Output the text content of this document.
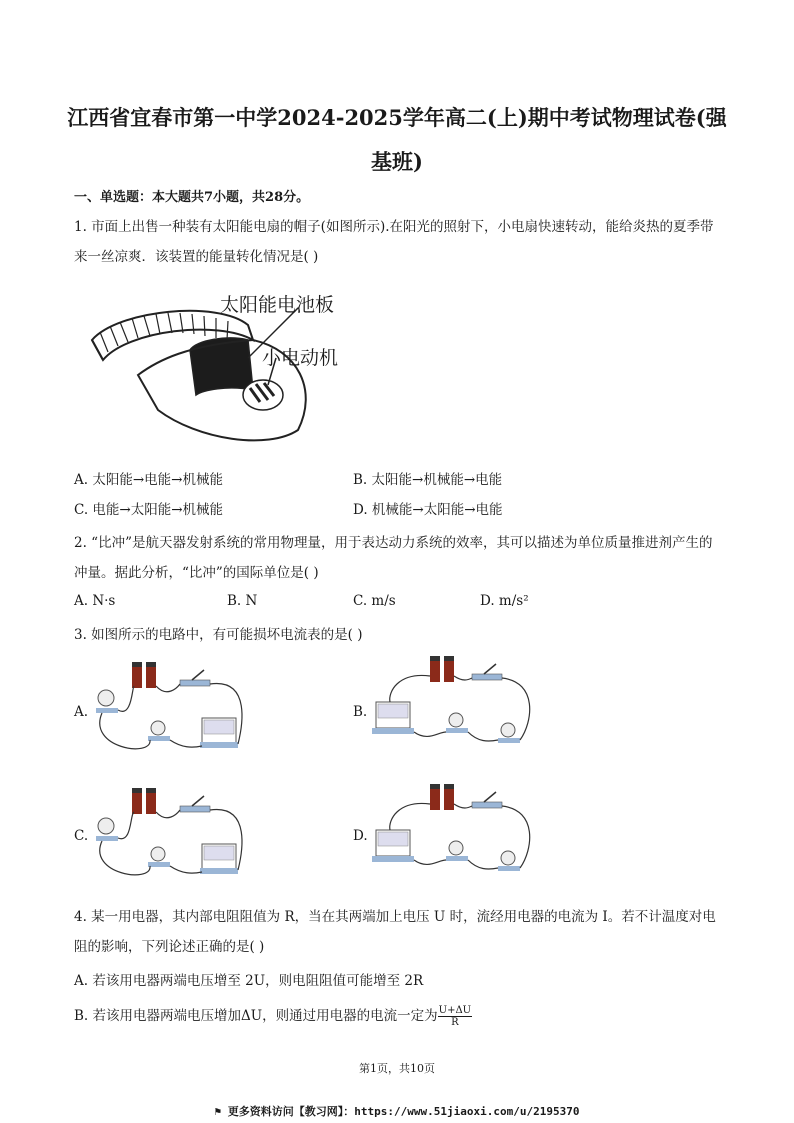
江西省宜春市第一中学2024-2025学年高二(上)期中考试物理试卷(强基班)
一、单选题：本大题共7小题，共28分。
1. 市面上出售一种装有太阳能电扇的帽子(如图所示).在阳光的照射下，小电扇快速转动，能给炎热的夏季带来一丝凉爽．该装置的能量转化情况是( )
太阳能电池板
小电动机
A. 太阳能→电能→机械能	B. 太阳能→机械能→电能
C. 电能→太阳能→机械能	D. 机械能→太阳能→电能
2. “比冲”是航天器发射系统的常用物理量，用于表达动力系统的效率，其可以描述为单位质量推进剂产生的冲量。据此分析，“比冲”的国际单位是( )
A. N·s	B. N	C. m/s	D. m/s²
3. 如图所示的电路中，有可能损坏电流表的是( )
A.	B.
C.	D.
4. 某一用电器，其内部电阻阻值为 R，当在其两端加上电压 U 时，流经用电器的电流为 I。若不计温度对电阻的影响，下列论述正确的是( )
A. 若该用电器两端电压增至 2U，则电阻阻值可能增至 2R
B. 若该用电器两端电压增加ΔU，则通过用电器的电流一定为 $\frac{U+\Delta U}{R}$
第1页，共10页
⚑ 更多资料访问【教习网】：https://www.51jiaoxi.com/u/2195370
